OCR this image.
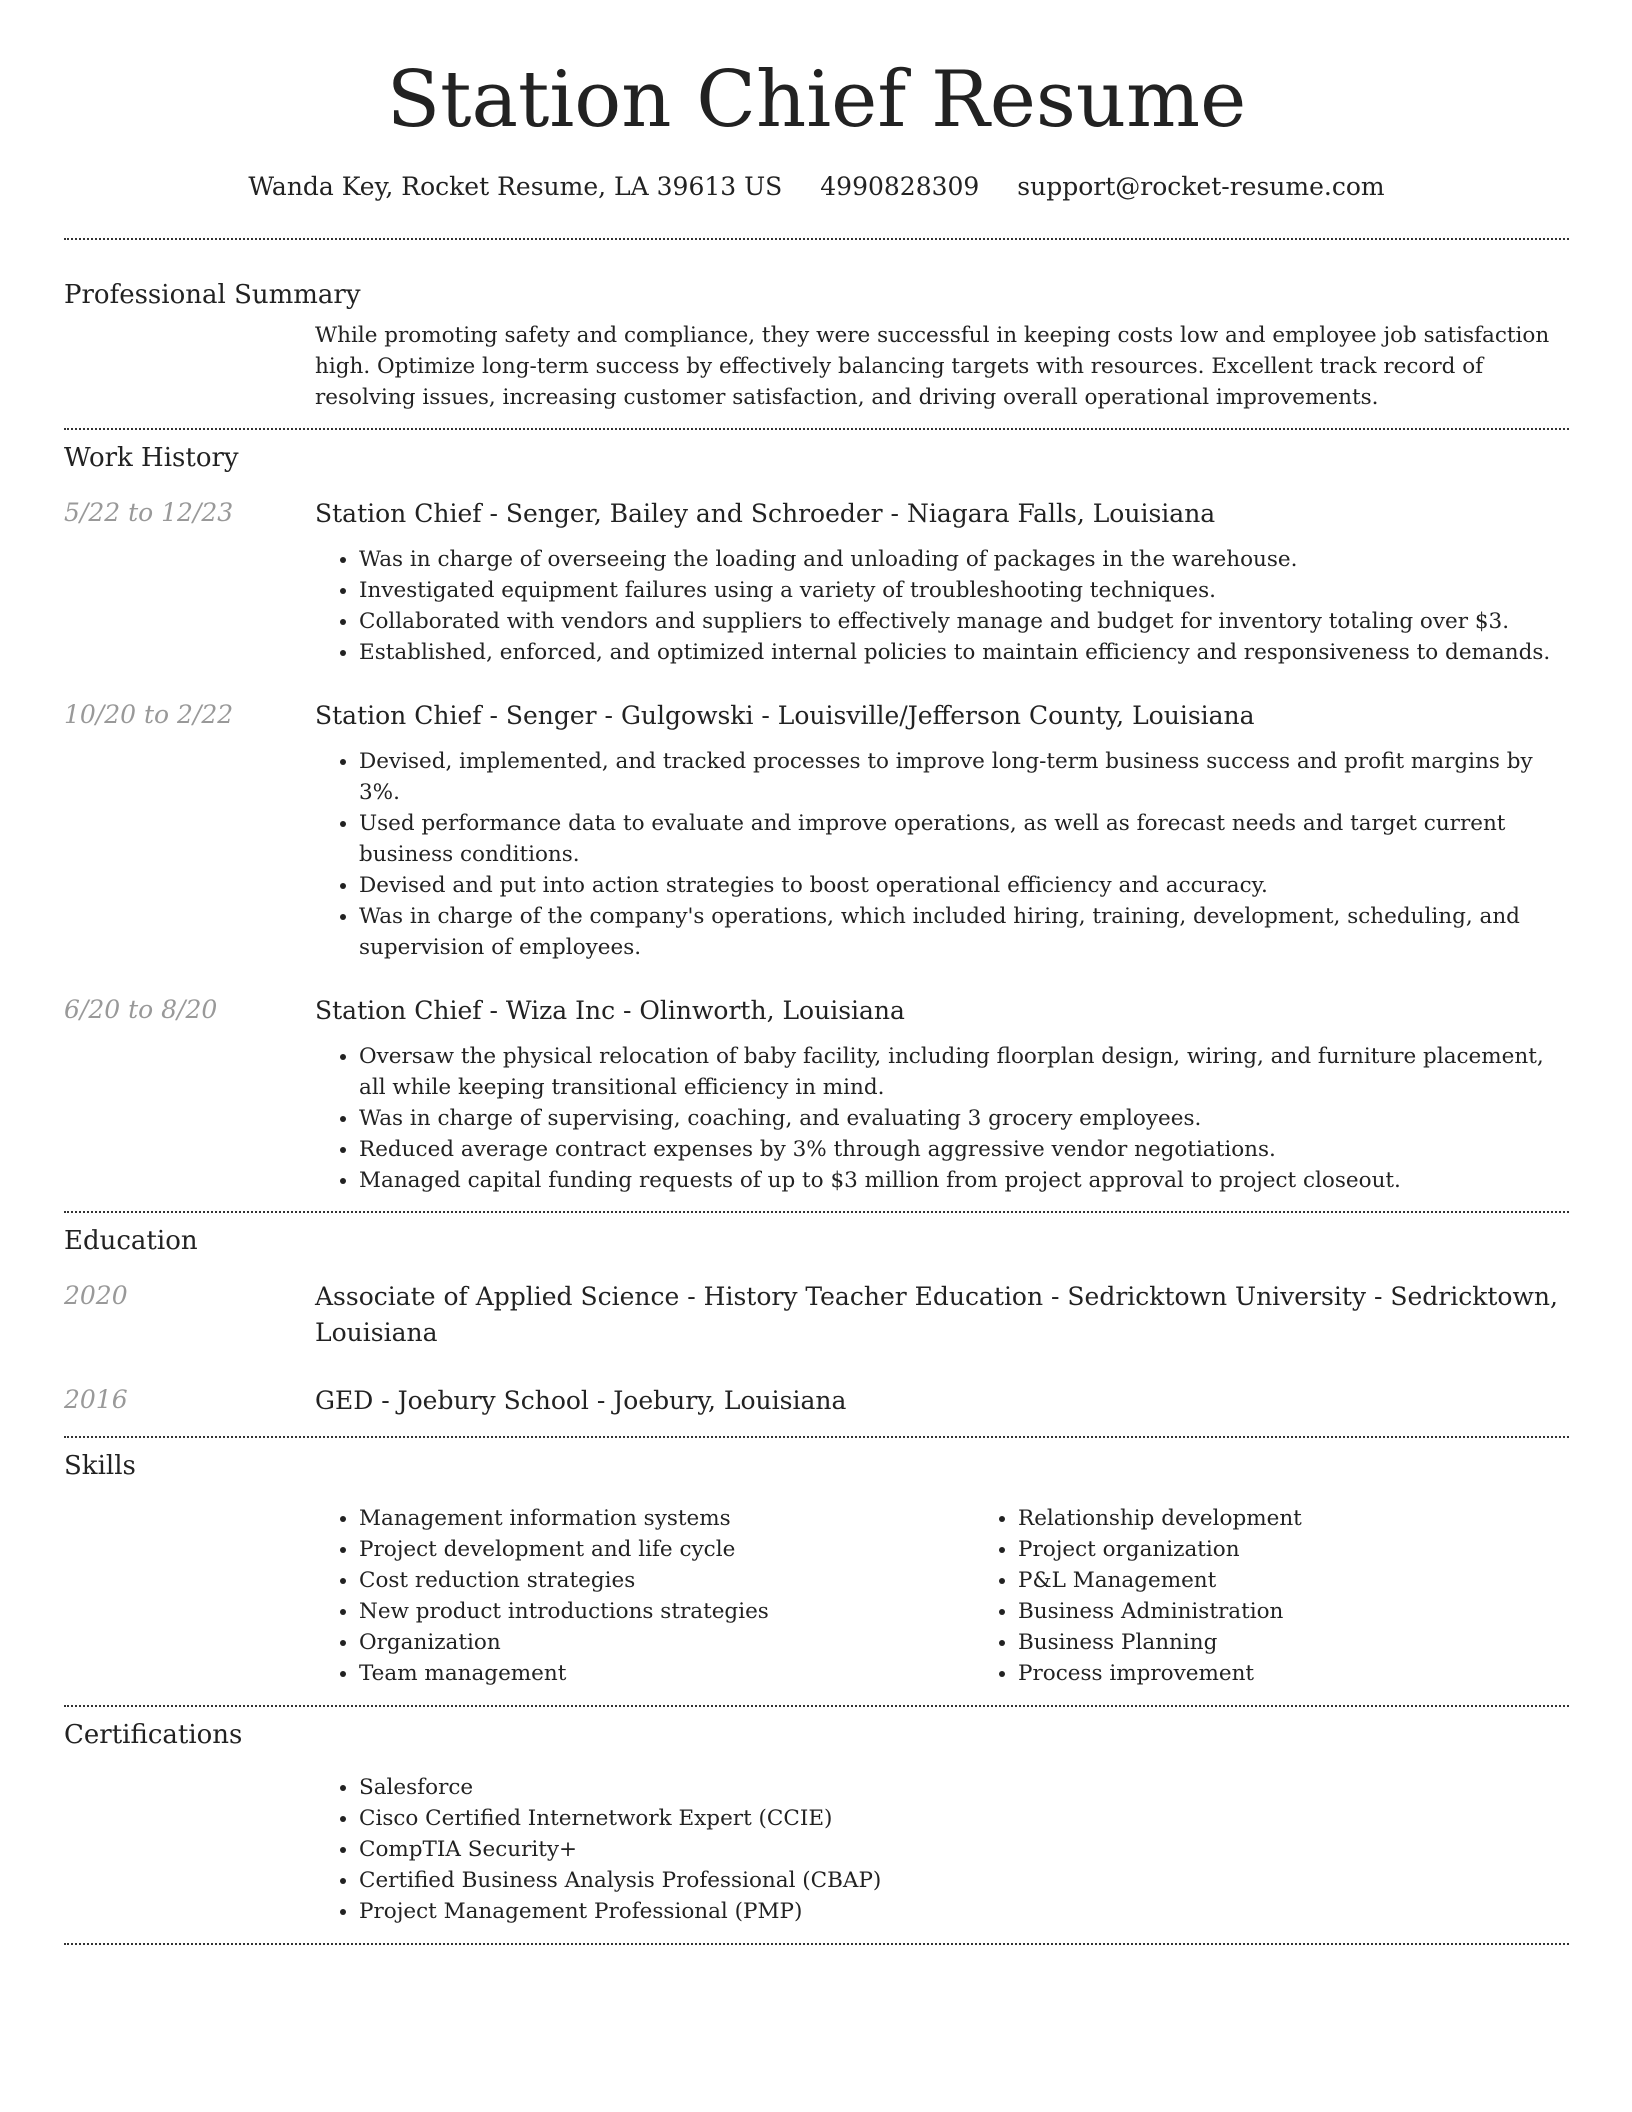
Station Chief Resume
Wanda Key, Rocket Resume, LA 39613 US 4990828309 support@rocket-resume.com
Professional Summary
While promoting safety and compliance, they were successful in keeping costs low and employee job satisfaction high. Optimize long-term success by effectively balancing targets with resources. Excellent track record of resolving issues, increasing customer satisfaction, and driving overall operational improvements.
Work History
5/22 to 12/23	Station Chief - Senger, Bailey and Schroeder - Niagara Falls, Louisiana
• Was in charge of overseeing the loading and unloading of packages in the warehouse.
• Investigated equipment failures using a variety of troubleshooting techniques.
• Collaborated with vendors and suppliers to effectively manage and budget for inventory totaling over $3.
• Established, enforced, and optimized internal policies to maintain efficiency and responsiveness to demands.
10/20 to 2/22	Station Chief - Senger - Gulgowski - Louisville/Jefferson County, Louisiana
• Devised, implemented, and tracked processes to improve long-term business success and profit margins by 3%.
• Used performance data to evaluate and improve operations, as well as forecast needs and target current business conditions.
• Devised and put into action strategies to boost operational efficiency and accuracy.
• Was in charge of the company's operations, which included hiring, training, development, scheduling, and supervision of employees.
6/20 to 8/20	Station Chief - Wiza Inc - Olinworth, Louisiana
• Oversaw the physical relocation of baby facility, including floorplan design, wiring, and furniture placement, all while keeping transitional efficiency in mind.
• Was in charge of supervising, coaching, and evaluating 3 grocery employees.
• Reduced average contract expenses by 3% through aggressive vendor negotiations.
• Managed capital funding requests of up to $3 million from project approval to project closeout.
Education
2020	Associate of Applied Science - History Teacher Education - Sedricktown University - Sedricktown, Louisiana
2016	GED - Joebury School - Joebury, Louisiana
Skills
• Management information systems
• Project development and life cycle
• Cost reduction strategies
• New product introductions strategies
• Organization
• Team management
• Relationship development
• Project organization
• P&L Management
• Business Administration
• Business Planning
• Process improvement
Certifications
• Salesforce
• Cisco Certified Internetwork Expert (CCIE)
• CompTIA Security+
• Certified Business Analysis Professional (CBAP)
• Project Management Professional (PMP)
